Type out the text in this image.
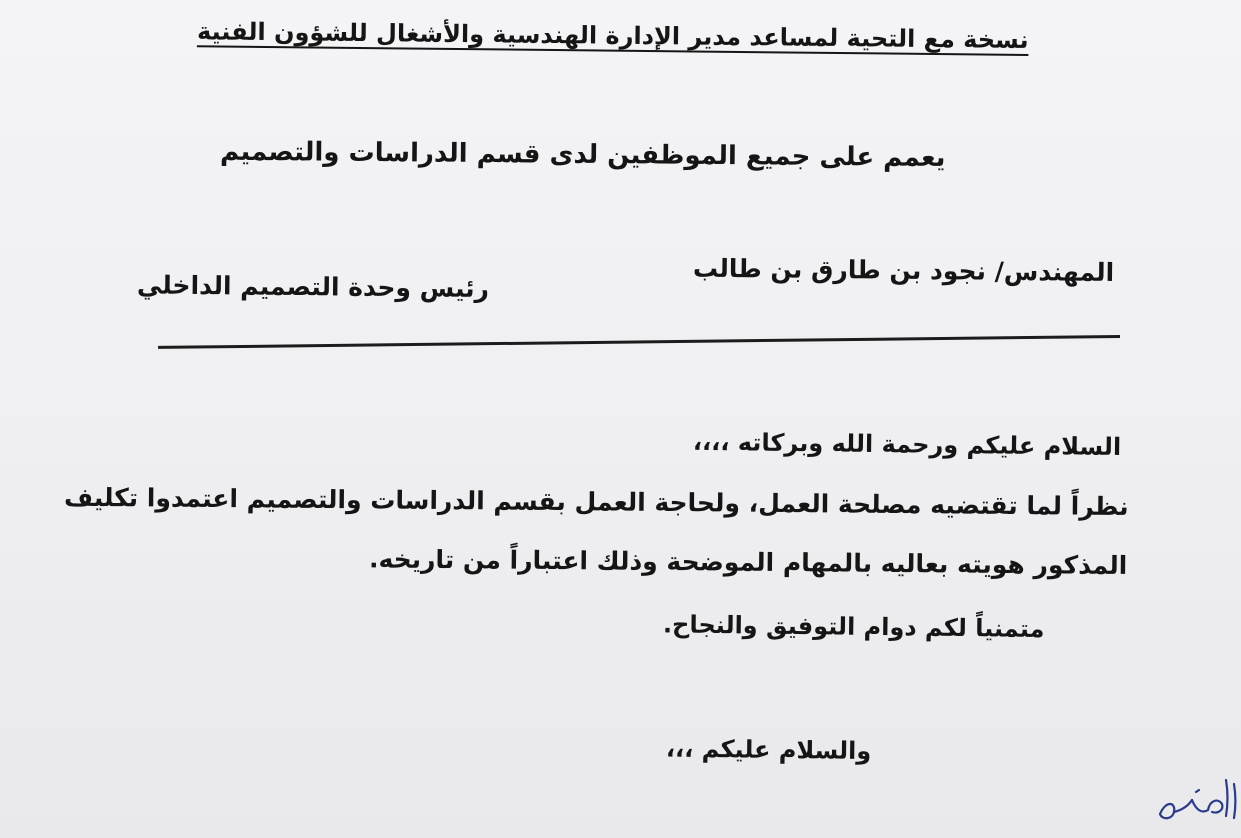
نسخة مع التحية لمساعد مدير الإدارة الهندسية والأشغال للشؤون الفنية
يعمم على جميع الموظفين لدى قسم الدراسات والتصميم
المهندس/ نجود بن طارق بن طالب
رئيس وحدة التصميم الداخلي
السلام عليكم ورحمة الله وبركاته ،،،،
نظراً لما تقتضيه مصلحة العمل، ولحاجة العمل بقسم الدراسات والتصميم اعتمدوا تكليف
المذكور هويته بعاليه بالمهام الموضحة وذلك اعتباراً من تاريخه.
متمنياً لكم دوام التوفيق والنجاح.
والسلام عليكم ،،،
